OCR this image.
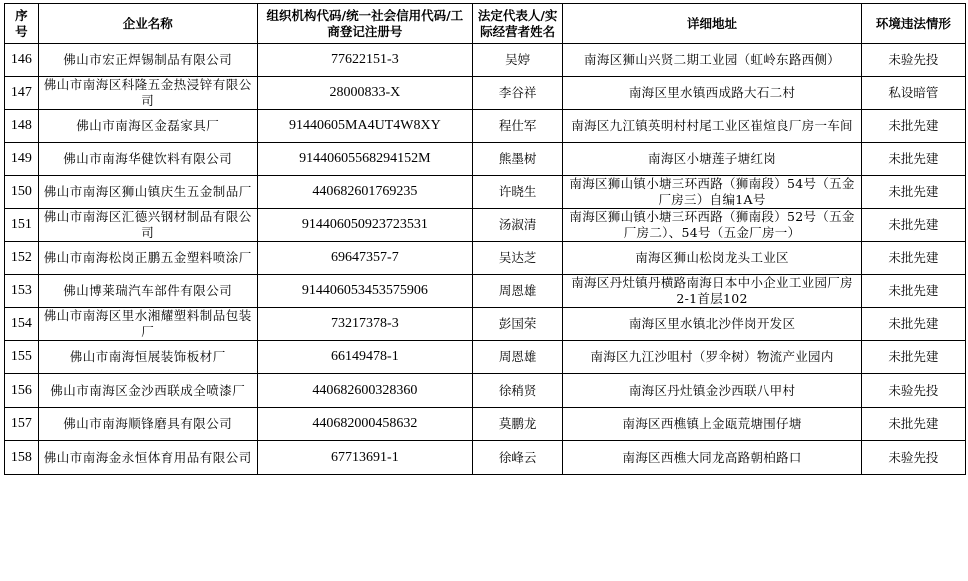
序号	企业名称	组织机构代码/统一社会信用代码/工商登记注册号	法定代表人/实际经营者姓名	详细地址	环境违法情形
146	佛山市宏正焊锡制品有限公司	77622151-3	吴婷	南海区狮山兴贤二期工业园（虹岭东路西侧）	未验先投
147	佛山市南海区科隆五金热浸锌有限公司	28000833-X	李谷祥	南海区里水镇西成路大石二村	私设暗管
148	佛山市南海区金磊家具厂	91440605MA4UT4W8XY	程仕军	南海区九江镇英明村村尾工业区崔煊良厂房一车间	未批先建
149	佛山市南海华健饮料有限公司	91440605568294152M	熊墨树	南海区小塘莲子塘红岗	未批先建
150	佛山市南海区狮山镇庆生五金制品厂	440682601769235	许晓生	南海区狮山镇小塘三环西路（狮南段）54号（五金厂房三）自编1A号	未批先建
151	佛山市南海区汇德兴钢材制品有限公司	914406050923723531	汤淑清	南海区狮山镇小塘三环西路（狮南段）52号（五金厂房二）、54号（五金厂房一）	未批先建
152	佛山市南海松岗正鹏五金塑料喷涂厂	69647357-7	吴达芝	南海区狮山松岗龙头工业区	未批先建
153	佛山博莱瑞汽车部件有限公司	914406053453575906	周恩雄	南海区丹灶镇丹横路南海日本中小企业工业园厂房2-1首层102	未批先建
154	佛山市南海区里水湘耀塑料制品包装厂	73217378-3	彭国荣	南海区里水镇北沙伴岗开发区	未批先建
155	佛山市南海恒展装饰板材厂	66149478-1	周恩雄	南海区九江沙咀村（罗伞树）物流产业园内	未批先建
156	佛山市南海区金沙西联成全喷漆厂	440682600328360	徐稍贤	南海区丹灶镇金沙西联八甲村	未验先投
157	佛山市南海顺锋磨具有限公司	440682000458632	莫鹏龙	南海区西樵镇上金瓯荒塘围仔塘	未批先建
158	佛山市南海金永恒体育用品有限公司	67713691-1	徐峰云	南海区西樵大同龙高路朝柏路口	未验先投
